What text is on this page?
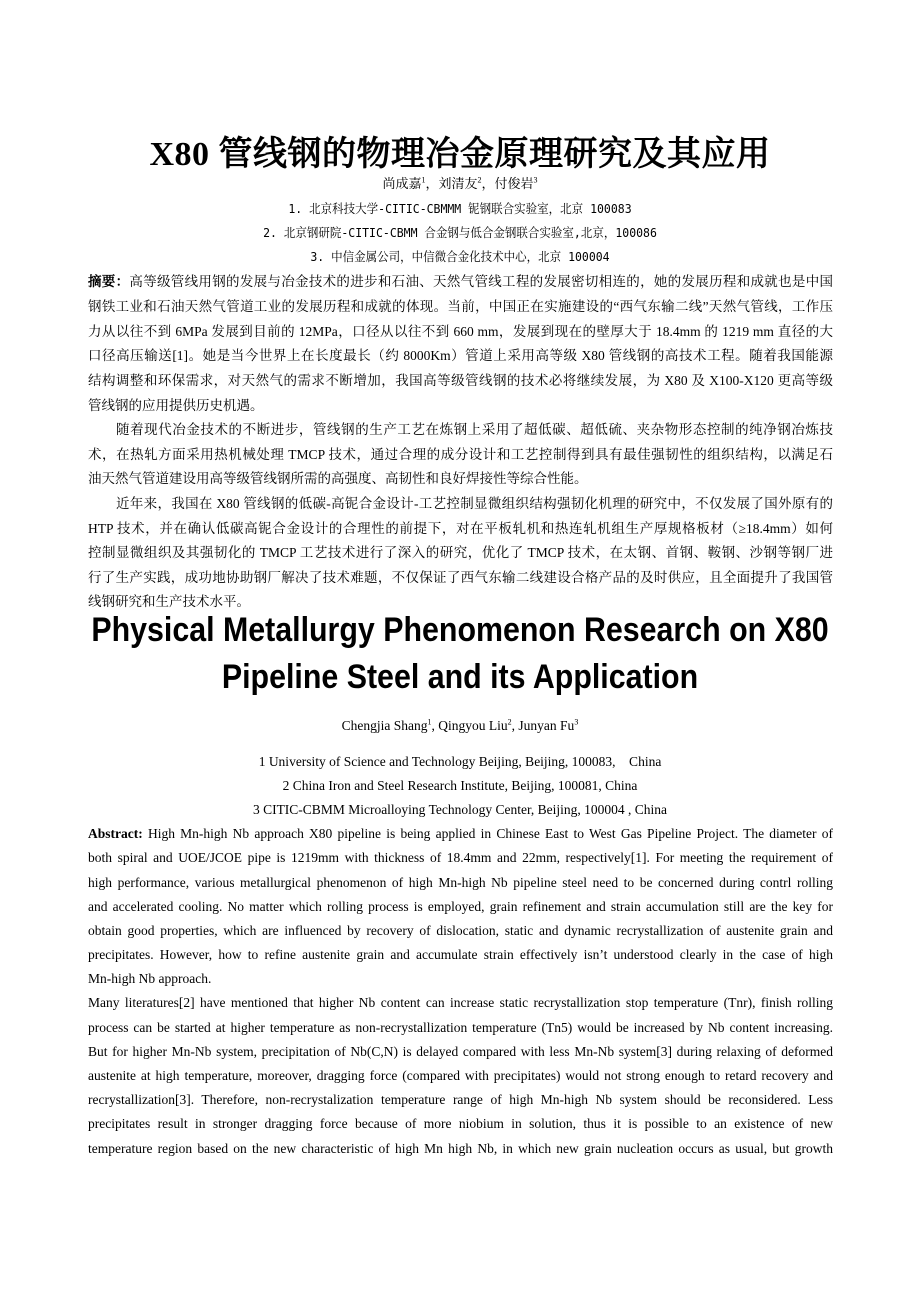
X80 管线钢的物理冶金原理研究及其应用
尚成嘉$^1$，刘清友$^2$，付俊岩$^3$
1. 北京科技大学-CITIC-CBMMM 铌钢联合实验室，北京 100083
2. 北京钢研院-CITIC-CBMM 合金钢与低合金钢联合实验室,北京，100086
3. 中信金属公司，中信微合金化技术中心，北京 100004
摘要：高等级管线用钢的发展与冶金技术的进步和石油、天然气管线工程的发展密切相连的，她的发展历程和成就也是中国
钢铁工业和石油天然气管道工业的发展历程和成就的体现。当前，中国正在实施建设的“西气东输二线”天然气管线，工作压
力从以往不到 6MPa 发展到目前的 12MPa，口径从以往不到 660 mm，发展到现在的壁厚大于 18.4mm 的 1219 mm 直径的大
口径高压输送[1]。她是当今世界上在长度最长（约 8000Km）管道上采用高等级 X80 管线钢的高技术工程。随着我国能源
结构调整和环保需求，对天然气的需求不断增加，我国高等级管线钢的技术必将继续发展，为 X80 及 X100-X120 更高等级
管线钢的应用提供历史机遇。
随着现代冶金技术的不断进步，管线钢的生产工艺在炼钢上采用了超低碳、超低硫、夹杂物形态控制的纯净钢冶炼技
术，在热轧方面采用热机械处理 TMCP 技术，通过合理的成分设计和工艺控制得到具有最佳强韧性的组织结构，以满足石
油天然气管道建设用高等级管线钢所需的高强度、高韧性和良好焊接性等综合性能。
近年来，我国在 X80 管线钢的低碳-高铌合金设计-工艺控制显微组织结构强韧化机理的研究中，不仅发展了国外原有的
HTP 技术，并在确认低碳高铌合金设计的合理性的前提下，对在平板轧机和热连轧机组生产厚规格板材（≥18.4mm）如何
控制显微组织及其强韧化的 TMCP 工艺技术进行了深入的研究，优化了 TMCP 技术，在太钢、首钢、鞍钢、沙钢等钢厂进
行了生产实践，成功地协助钢厂解决了技术难题，不仅保证了西气东输二线建设合格产品的及时供应，且全面提升了我国管
线钢研究和生产技术水平。
Physical Metallurgy Phenomenon Research on X80
Pipeline Steel and its Application
Chengjia Shang$^1$, Qingyou Liu$^2$, Junyan Fu$^3$
1 University of Science and Technology Beijing, Beijing, 100083,    China
2 China Iron and Steel Research Institute, Beijing, 100081, China
3 CITIC-CBMM Microalloying Technology Center, Beijing, 100004 , China
Abstract: High Mn-high Nb approach X80 pipeline is being applied in Chinese East to West Gas Pipeline Project. The diameter of
both spiral and UOE/JCOE pipe is 1219mm with thickness of 18.4mm and 22mm, respectively[1]. For meeting the requirement of
high performance, various metallurgical phenomenon of high Mn-high Nb pipeline steel need to be concerned during contrl rolling
and accelerated cooling. No matter which rolling process is employed, grain refinement and strain accumulation still are the key for
obtain good properties, which are influenced by recovery of dislocation, static and dynamic recrystallization of austenite grain and
precipitates. However, how to refine austenite grain and accumulate strain effectively isn’t understood clearly in the case of high
Mn-high Nb approach.
Many literatures[2] have mentioned that higher Nb content can increase static recrystallization stop temperature (Tnr), finish rolling
process can be started at higher temperature as non-recrystallization temperature (Tn5) would be increased by Nb content increasing.
But for higher Mn-Nb system, precipitation of Nb(C,N) is delayed compared with less Mn-Nb system[3] during relaxing of deformed
austenite at high temperature, moreover, dragging force (compared with precipitates) would not strong enough to retard recovery and
recrystallization[3]. Therefore, non-recrystalization temperature range of high Mn-high Nb system should be reconsidered. Less
precipitates result in stronger dragging force because of more niobium in solution, thus it is possible to an existence of new
temperature region based on the new characteristic of high Mn high Nb, in which new grain nucleation occurs as usual, but growth
